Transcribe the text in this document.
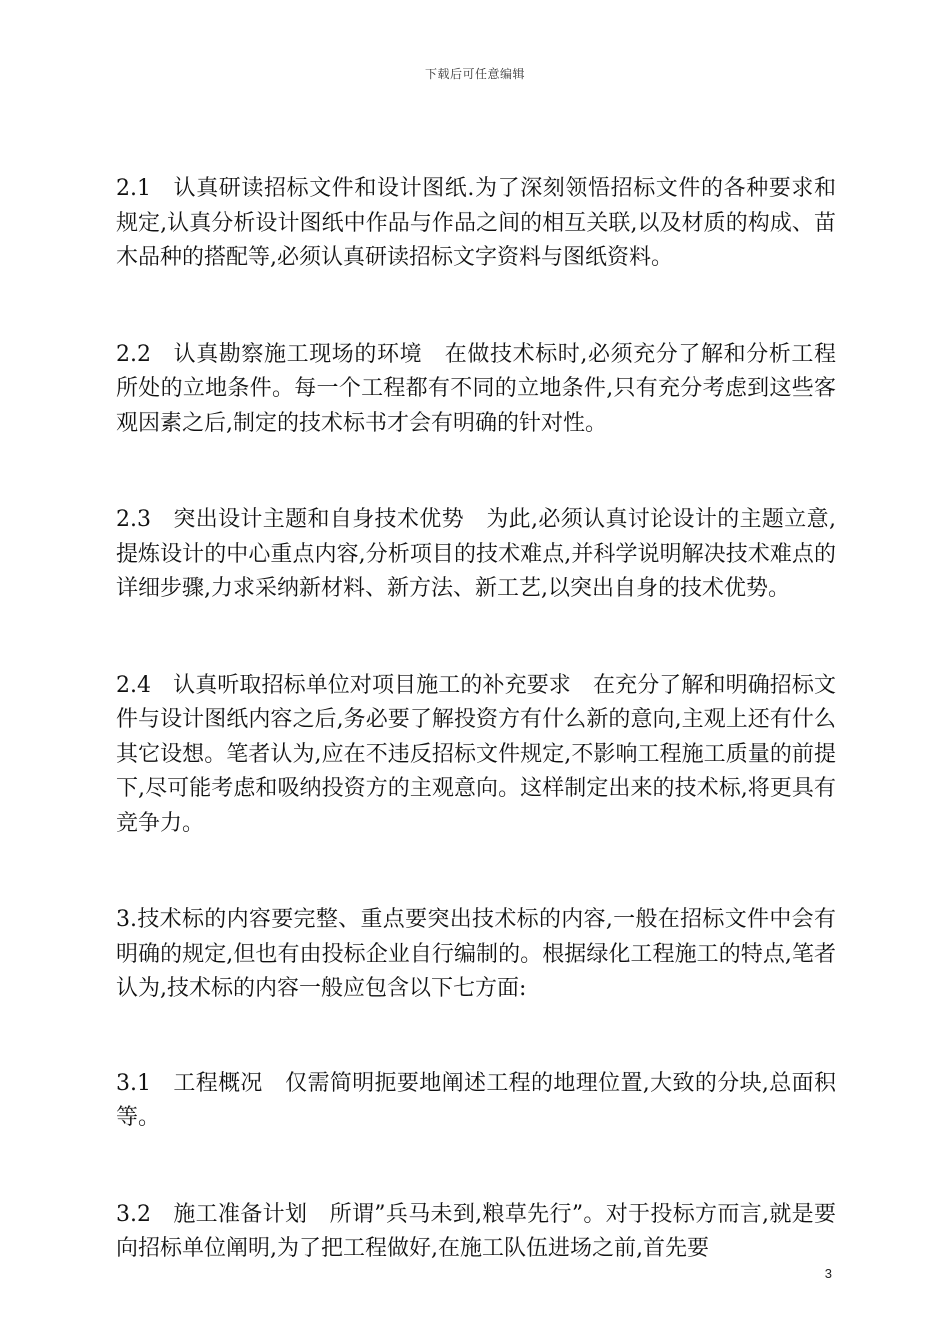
下载后可任意编辑

2.1 认真研读招标文件和设计图纸.为了深刻领悟招标文件的各种要求和规定,认真分析设计图纸中作品与作品之间的相互关联,以及材质的构成、苗木品种的搭配等,必须认真研读招标文字资料与图纸资料。

2.2 认真勘察施工现场的环境　在做技术标时,必须充分了解和分析工程所处的立地条件。每一个工程都有不同的立地条件,只有充分考虑到这些客观因素之后,制定的技术标书才会有明确的针对性。

2.3 突出设计主题和自身技术优势　为此,必须认真讨论设计的主题立意,提炼设计的中心重点内容,分析项目的技术难点,并科学说明解决技术难点的详细步骤,力求采纳新材料、新方法、新工艺,以突出自身的技术优势。

2.4 认真听取招标单位对项目施工的补充要求　在充分了解和明确招标文件与设计图纸内容之后,务必要了解投资方有什么新的意向,主观上还有什么其它设想。笔者认为,应在不违反招标文件规定,不影响工程施工质量的前提下,尽可能考虑和吸纳投资方的主观意向。这样制定出来的技术标,将更具有竞争力。

3.技术标的内容要完整、重点要突出技术标的内容,一般在招标文件中会有明确的规定,但也有由投标企业自行编制的。根据绿化工程施工的特点,笔者认为,技术标的内容一般应包含以下七方面:

3.1 工程概况　仅需简明扼要地阐述工程的地理位置,大致的分块,总面积等。

3.2 施工准备计划　所谓”兵马未到,粮草先行”。对于投标方而言,就是要向招标单位阐明,为了把工程做好,在施工队伍进场之前,首先要

3
